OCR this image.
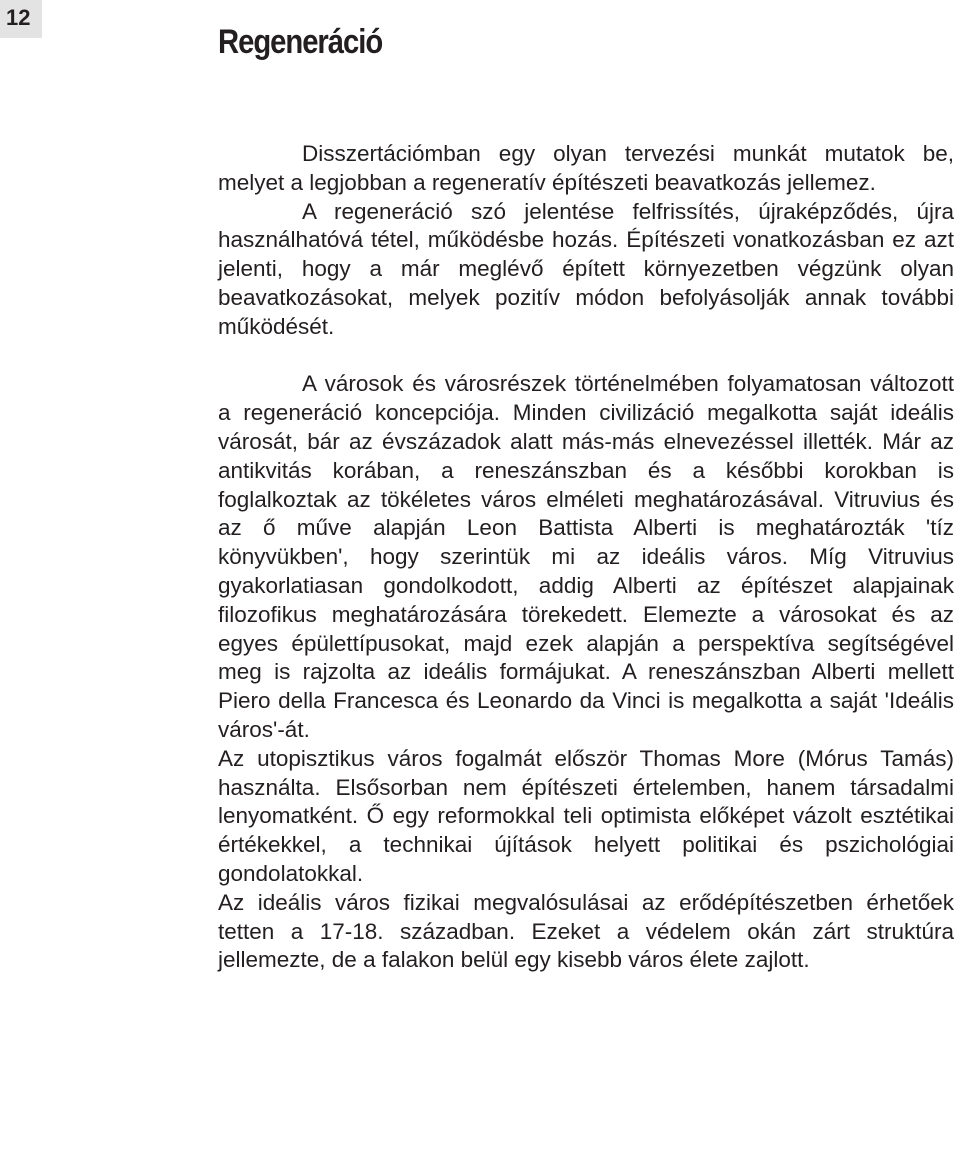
12
Regeneráció

Disszertációmban egy olyan tervezési munkát mutatok be, melyet a legjobban a regeneratív építészeti beavatkozás jellemez.

A regeneráció szó jelentése felfrissítés, újraképződés, újra használhatóvá tétel, működésbe hozás. Építészeti vonatkozásban ez azt jelenti, hogy a már meglévő épített környezetben végzünk olyan beavatkozásokat, melyek pozitív módon befolyásolják annak további működését.

A városok és városrészek történelmében folyamatosan változott a regeneráció koncepciója. Minden civilizáció megalkotta saját ideális városát, bár az évszázadok alatt más-más elnevezéssel illették. Már az antikvitás korában, a reneszánszban és a későbbi korokban is foglalkoztak az tökéletes város elméleti meghatározásával. Vitruvius és az ő műve alapján Leon Battista Alberti is meghatározták 'tíz könyvükben', hogy szerintük mi az ideális város. Míg Vitruvius gyakorlatiasan gondolkodott, addig Alberti az építészet alapjainak filozofikus meghatározására törekedett. Elemezte a városokat és az egyes épülettípusokat, majd ezek alapján a perspektíva segítségével meg is rajzolta az ideális formájukat. A reneszánszban Alberti mellett Piero della Francesca és Leonardo da Vinci is megalkotta a saját 'Ideális város'-át.

Az utopisztikus város fogalmát először Thomas More (Mórus Tamás) használta. Elsősorban nem építészeti értelemben, hanem társadalmi lenyomatként. Ő egy reformokkal teli optimista előképet vázolt esztétikai értékekkel, a technikai újítások helyett politikai és pszichológiai gondolatokkal.

Az ideális város fizikai megvalósulásai az erődépítészetben érhetőek tetten a 17-18. században. Ezeket a védelem okán zárt struktúra jellemezte, de a falakon belül egy kisebb város élete zajlott.
